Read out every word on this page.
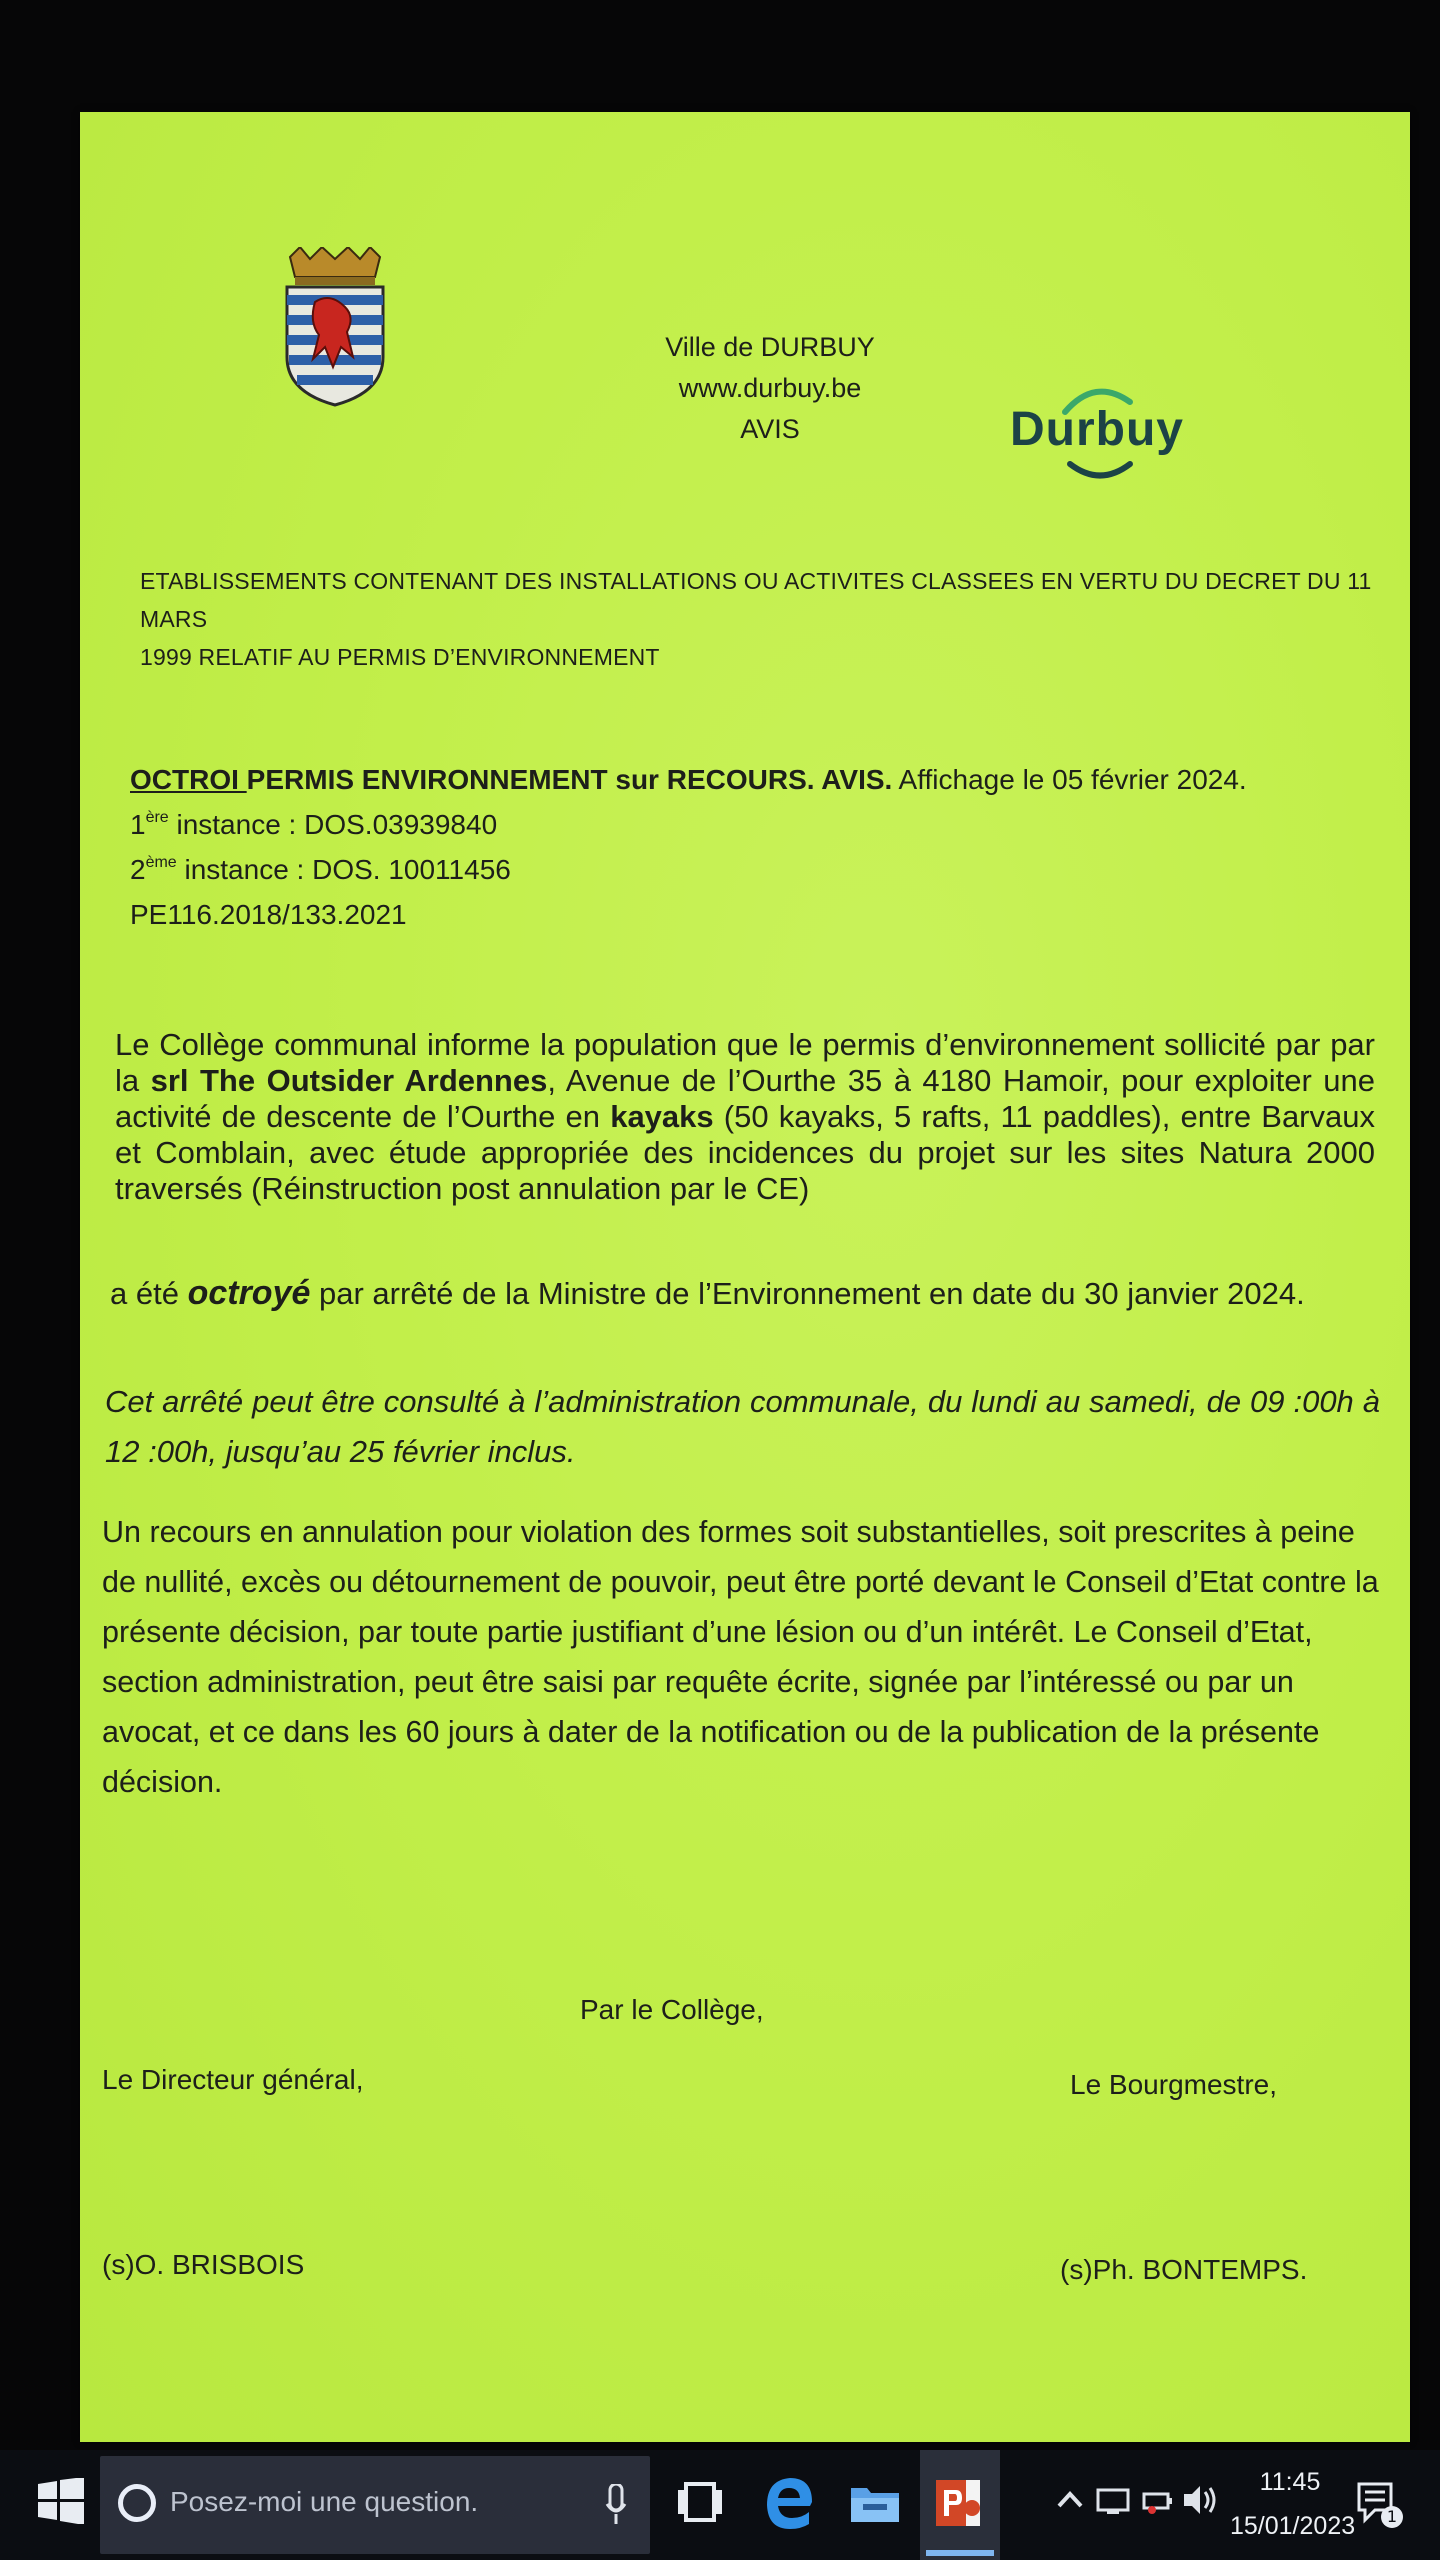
Ville de DURBUY
www.durbuy.be
AVIS	Durbuy
ETABLISSEMENTS CONTENANT DES INSTALLATIONS OU ACTIVITES CLASSEES EN VERTU DU DECRET DU 11 MARS
1999 RELATIF AU PERMIS D’ENVIRONNEMENT
OCTROI PERMIS ENVIRONNEMENT sur RECOURS. AVIS. Affichage le 05 février 2024.
1ère instance : DOS.03939840
2ème instance : DOS. 10011456
PE116.2018/133.2021
Le Collège communal informe la population que le permis d’environnement sollicité par par la srl The Outsider Ardennes, Avenue de l’Ourthe 35 à 4180 Hamoir, pour exploiter une activité de descente de l’Ourthe en kayaks (50 kayaks, 5 rafts, 11 paddles), entre Barvaux et Comblain, avec étude appropriée des incidences du projet sur les sites Natura 2000 traversés (Réinstruction post annulation par le CE)
a été octroyé par arrêté de la Ministre de l’Environnement en date du 30 janvier 2024.
Cet arrêté peut être consulté à l’administration communale, du lundi au samedi, de 09 :00h à 12 :00h, jusqu’au 25 février inclus.
Un recours en annulation pour violation des formes soit substantielles, soit prescrites à peine de nullité, excès ou détournement de pouvoir, peut être porté devant le Conseil d’Etat contre la présente décision, par toute partie justifiant d’une lésion ou d’un intérêt. Le Conseil d’Etat, section administration, peut être saisi par requête écrite, signée par l’intéressé ou par un avocat, et ce dans les 60 jours à dater de la notification ou de la publication de la présente décision.
Par le Collège,
Le Directeur général,	Le Bourgmestre,
(s)O. BRISBOIS	(s)Ph. BONTEMPS.
Posez-moi une question.
11:45
15/01/2023	1
